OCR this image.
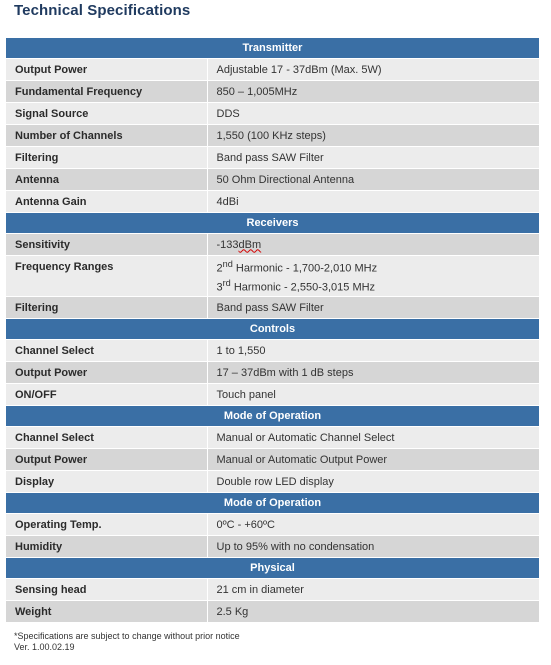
Technical Specifications
Transmitter	
Output Power	Adjustable 17 - 37dBm (Max. 5W)
Fundamental Frequency	850 – 1,005MHz
Signal Source	DDS
Number of Channels	1,550 (100 KHz steps)
Filtering	Band pass SAW Filter
Antenna	50 Ohm Directional Antenna
Antenna Gain	4dBi
Receivers	
Sensitivity	-133dBm
Frequency Ranges	2nd Harmonic - 1,700-2,010 MHz
3rd Harmonic - 2,550-3,015 MHz

Filtering	Band pass SAW Filter
Controls	
Channel Select	1 to 1,550
Output Power	17 – 37dBm with 1 dB steps
ON/OFF	Touch panel
Mode of Operation	
Channel Select	Manual or Automatic Channel Select
Output Power	Manual or Automatic Output Power
Display	Double row LED display
Mode of Operation	
Operating Temp.	0ºC - +60ºC
Humidity	Up to 95% with no condensation
Physical	
Sensing head	21 cm in diameter
Weight	2.5 Kg
*Specifications are subject to change without prior notice
Ver. 1.00.02.19
